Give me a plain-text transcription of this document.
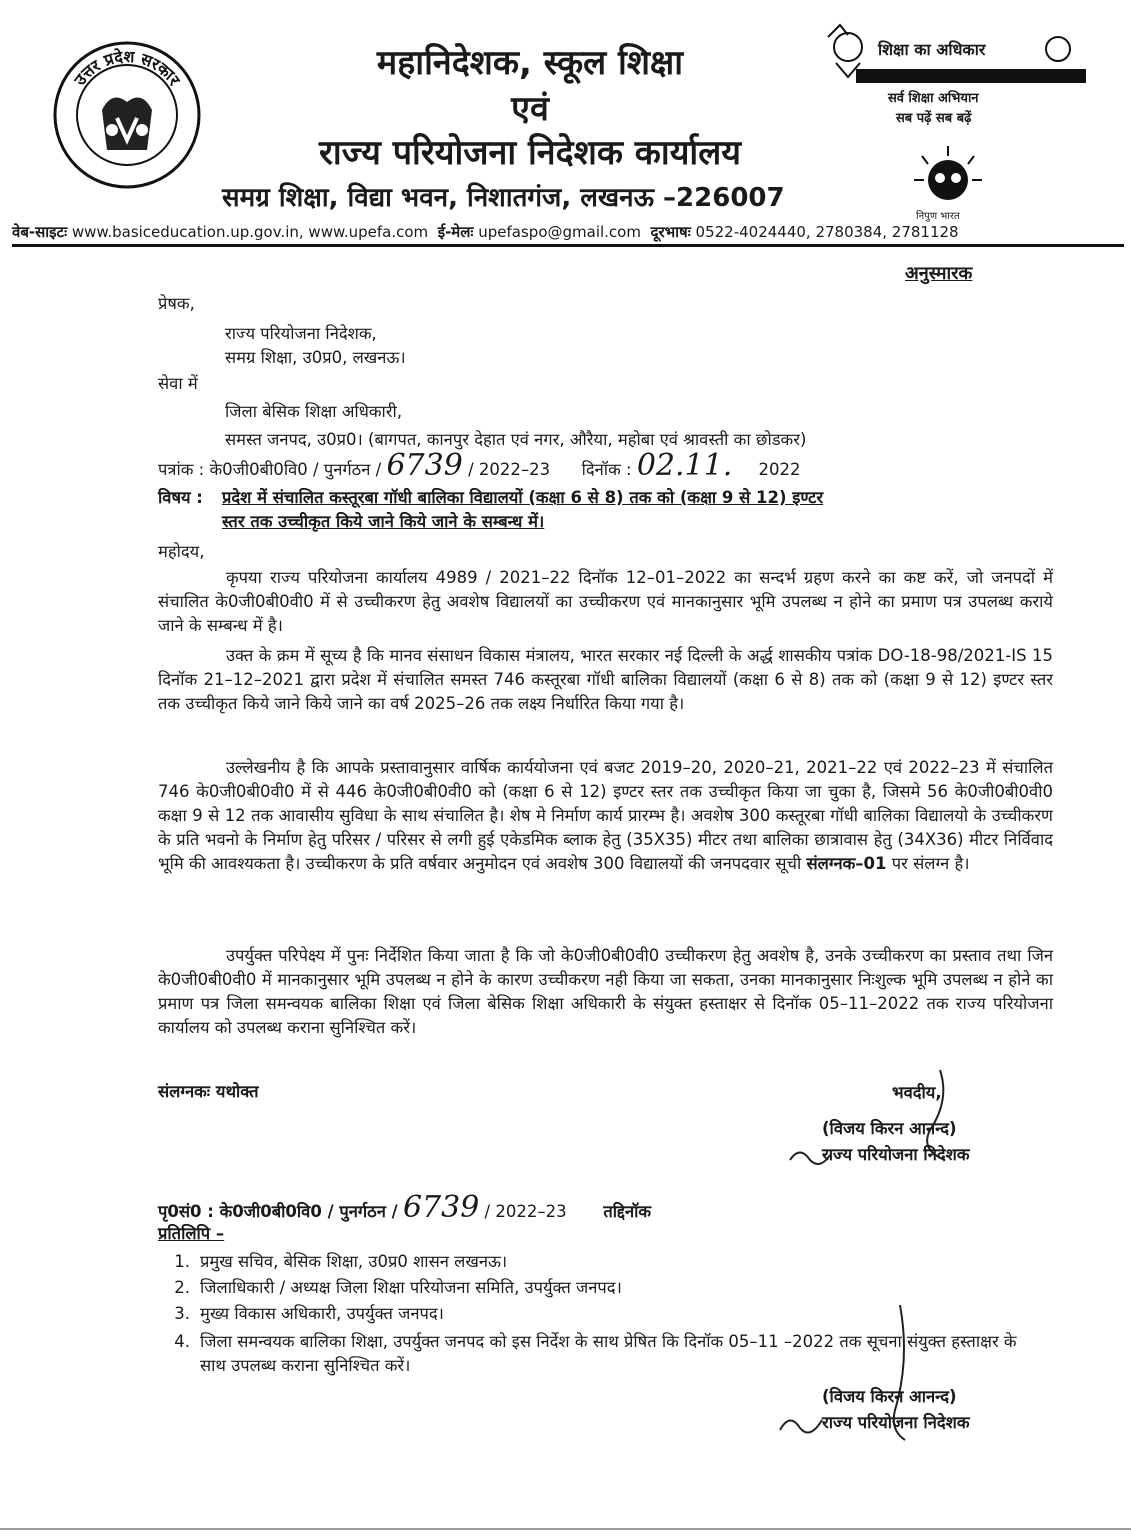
उत्तर प्रदेश सरकार	महानिदेशक, स्कूल शिक्षा
एवं
राज्य परियोजना निदेशक कार्यालय
समग्र शिक्षा, विद्या भवन, निशातगंज, लखनऊ –226007
शिक्षा का अधिकार
सर्व शिक्षा अभियान
सब पढ़ें सब बढ़ें
निपुण भारत
वेब-साइटः www.basiceducation.up.gov.in, www.upefa.com ई-मेलः upefaspo@gmail.com दूरभाषः 0522-4024440, 2780384, 2781128
अनुस्मारक
प्रेषक,
राज्य परियोजना निदेशक,
समग्र शिक्षा, उ0प्र0, लखनऊ।
सेवा में
जिला बेसिक शिक्षा अधिकारी,
समस्त जनपद, उ0प्र0। (बागपत, कानपुर देहात एवं नगर, औरैया, महोबा एवं श्रावस्ती का छोडकर)
पत्रांक : के0जी0बी0वि0 / पुनर्गठन / 6739 / 2022–23 दिनॉक : 02.11. 2022
विषय : प्रदेश में संचालित कस्तूरबा गॉधी बालिका विद्यालयों (कक्षा 6 से 8) तक को (कक्षा 9 से 12) इण्टर
स्तर तक उच्चीकृत किये जाने किये जाने के सम्बन्ध में।
महोदय,
कृपया राज्य परियोजना कार्यालय 4989 / 2021–22 दिनॉक 12–01–2022 का सन्दर्भ ग्रहण करने का कष्ट करें, जो जनपदों में संचालित के0जी0बी0वी0 में से उच्चीकरण हेतु अवशेष विद्यालयों का उच्चीकरण एवं मानकानुसार भूमि उपलब्ध न होने का प्रमाण पत्र उपलब्ध कराये जाने के सम्बन्ध में है।
उक्त के क्रम में सूच्य है कि मानव संसाधन विकास मंत्रालय, भारत सरकार नई दिल्ली के अर्द्ध शासकीय पत्रांक DO-18-98/2021-IS 15 दिनॉक 21–12–2021 द्वारा प्रदेश में संचालित समस्त 746 कस्तूरबा गॉधी बालिका विद्यालयों (कक्षा 6 से 8) तक को (कक्षा 9 से 12) इण्टर स्तर तक उच्चीकृत किये जाने किये जाने का वर्ष 2025–26 तक लक्ष्य निर्धारित किया गया है।
उल्लेखनीय है कि आपके प्रस्तावानुसार वार्षिक कार्ययोजना एवं बजट 2019–20, 2020–21, 2021–22 एवं 2022–23 में संचालित 746 के0जी0बी0वी0 में से 446 के0जी0बी0वी0 को (कक्षा 6 से 12) इण्टर स्तर तक उच्चीकृत किया जा चुका है, जिसमे 56 के0जी0बी0वी0 कक्षा 9 से 12 तक आवासीय सुविधा के साथ संचालित है। शेष मे निर्माण कार्य प्रारम्भ है। अवशेष 300 कस्तूरबा गॉधी बालिका विद्यालयो के उच्चीकरण के प्रति भवनो के निर्माण हेतु परिसर / परिसर से लगी हुई एकेडमिक ब्लाक हेतु (35X35) मीटर तथा बालिका छात्रावास हेतु (34X36) मीटर निर्विवाद भूमि की आवश्यकता है। उच्चीकरण के प्रति वर्षवार अनुमोदन एवं अवशेष 300 विद्यालयों की जनपदवार सूची संलग्नक–01 पर संलग्न है।
उपर्युक्त परिपेक्ष्य में पुनः निर्देशित किया जाता है कि जो के0जी0बी0वी0 उच्चीकरण हेतु अवशेष है, उनके उच्चीकरण का प्रस्ताव तथा जिन के0जी0बी0वी0 में मानकानुसार भूमि उपलब्ध न होने के कारण उच्चीकरण नही किया जा सकता, उनका मानकानुसार निःशुल्क भूमि उपलब्ध न होने का प्रमाण पत्र जिला समन्वयक बालिका शिक्षा एवं जिला बेसिक शिक्षा अधिकारी के संयुक्त हस्ताक्षर से दिनॉक 05–11–2022 तक राज्य परियोजना कार्यालय को उपलब्ध कराना सुनिश्चित करें।
संलग्नकः यथोक्त	भवदीय,
(विजय किरन आनन्द)
राज्य परियोजना निदेशक
पृ0सं0 : के0जी0बी0वि0 / पुनर्गठन / 6739 / 2022–23 तद्दिनॉक
प्रतिलिपि –
1. प्रमुख सचिव, बेसिक शिक्षा, उ0प्र0 शासन लखनऊ।
2. जिलाधिकारी / अध्यक्ष जिला शिक्षा परियोजना समिति, उपर्युक्त जनपद।
3. मुख्य विकास अधिकारी, उपर्युक्त जनपद।
4. जिला समन्वयक बालिका शिक्षा, उपर्युक्त जनपद को इस निर्देश के साथ प्रेषित कि दिनॉक 05–11 –2022 तक सूचना संयुक्त हस्ताक्षर के साथ उपलब्ध कराना सुनिश्चित करें।
(विजय किरन आनन्द)
राज्य परियोजना निदेशक
